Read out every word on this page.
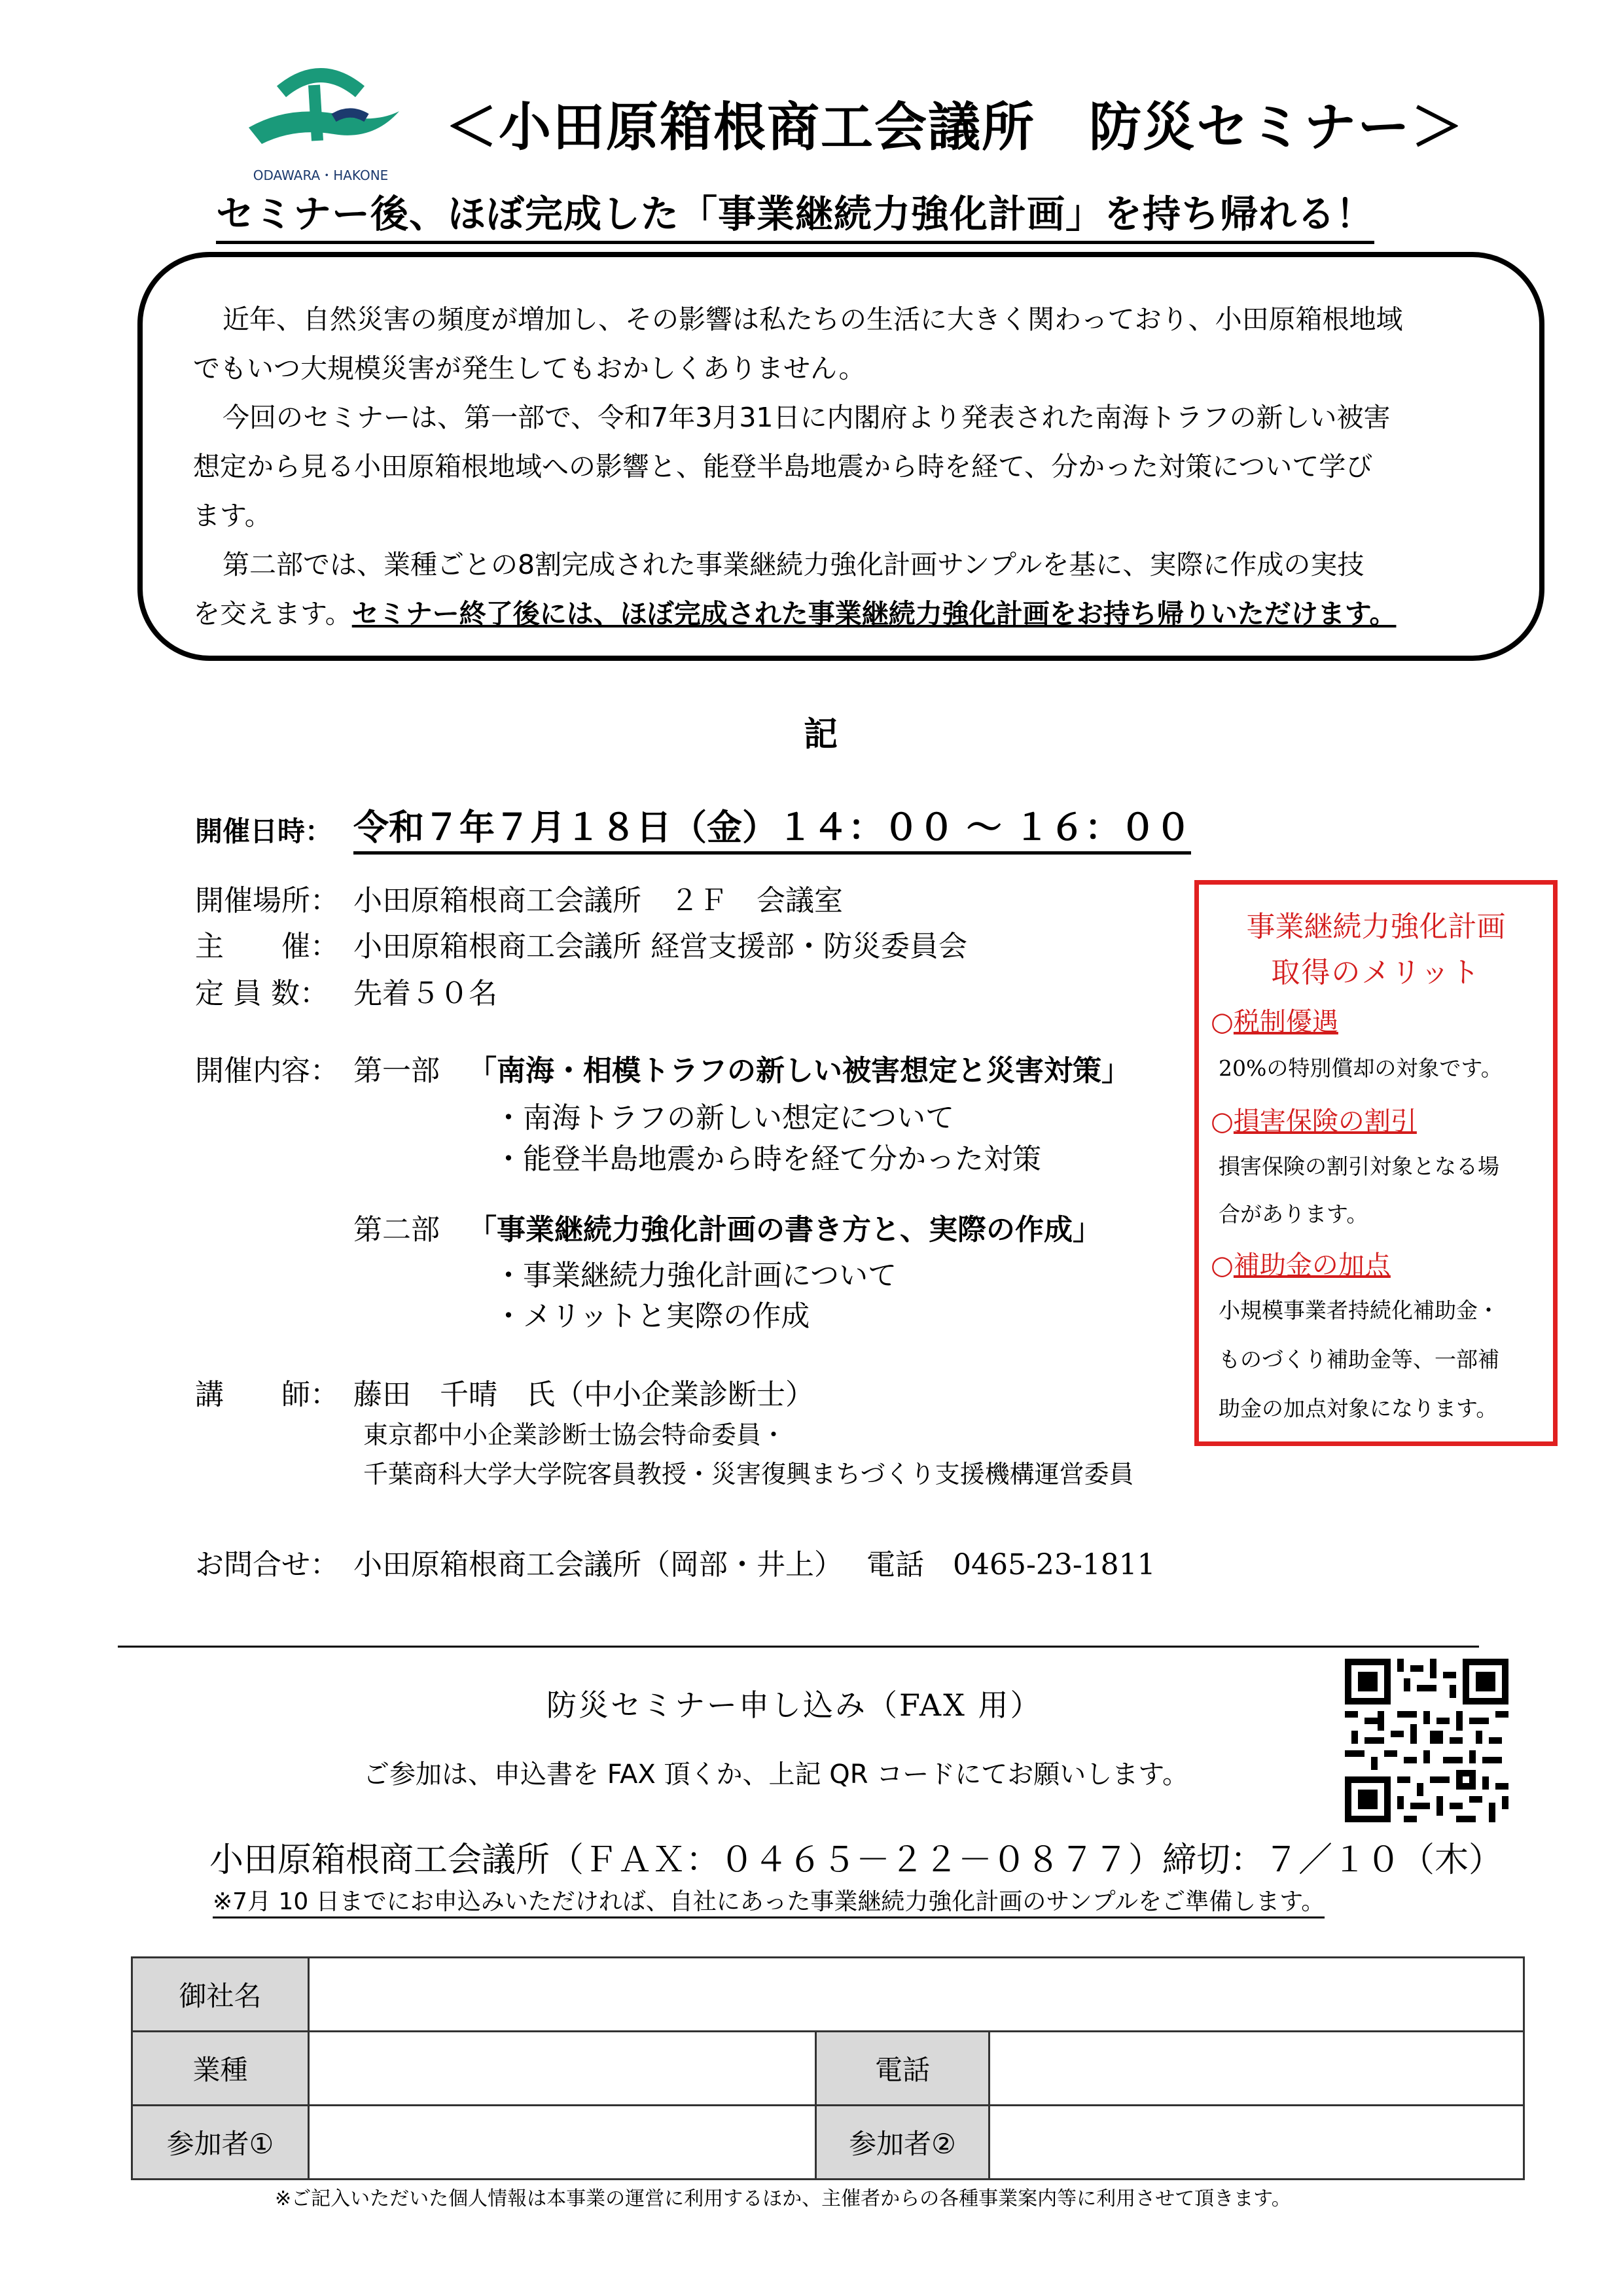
ODAWARA・HAKONE
＜小田原箱根商工会議所　防災セミナー＞
セミナー後、ほぼ完成した「事業継続力強化計画」を持ち帰れる！
近年、自然災害の頻度が増加し、その影響は私たちの生活に大きく関わっており、小田原箱根地域
でもいつ大規模災害が発生してもおかしくありません。
今回のセミナーは、第一部で、令和7年3月31日に内閣府より発表された南海トラフの新しい被害
想定から見る小田原箱根地域への影響と、能登半島地震から時を経て、分かった対策について学び
ます。
第二部では、業種ごとの8割完成された事業継続力強化計画サンプルを基に、実際に作成の実技
を交えます。セミナー終了後には、ほぼ完成された事業継続力強化計画をお持ち帰りいただけます。
記
開催日時： 令和７年７月１８日（金）１４：００ ～ １６：００
開催場所： 小田原箱根商工会議所　２Ｆ　会議室
主　　催： 小田原箱根商工会議所 経営支援部・防災委員会
定 員 数： 先着５０名
開催内容： 第一部 「南海・相模トラフの新しい被害想定と災害対策」
・南海トラフの新しい想定について
・能登半島地震から時を経て分かった対策
第二部 「事業継続力強化計画の書き方と、実際の作成」
・事業継続力強化計画について
・メリットと実際の作成
講　　師： 藤田　千晴　氏（中小企業診断士）
東京都中小企業診断士協会特命委員・
千葉商科大学大学院客員教授・災害復興まちづくり支援機構運営委員
お問合せ： 小田原箱根商工会議所（岡部・井上）　 電話　0465-23-1811
事業継続力強化計画
取得のメリット
○税制優遇
20%の特別償却の対象です。
○損害保険の割引
損害保険の割引対象となる場
合があります。
○補助金の加点
小規模事業者持続化補助金・
ものづくり補助金等、一部補
助金の加点対象になります。
防災セミナー申し込み（FAX 用）
ご参加は、申込書を FAX 頂くか、上記 QR コードにてお願いします。
小田原箱根商工会議所（ＦＡＸ：０４６５－２２－０８７７）締切：７／１０（木）
※7月 10 日までにお申込みいただければ、自社にあった事業継続力強化計画のサンプルをご準備します。
御社名			
業種		電話	
参加者①		参加者②	
※ご記入いただいた個人情報は本事業の運営に利用するほか、主催者からの各種事業案内等に利用させて頂きます。
